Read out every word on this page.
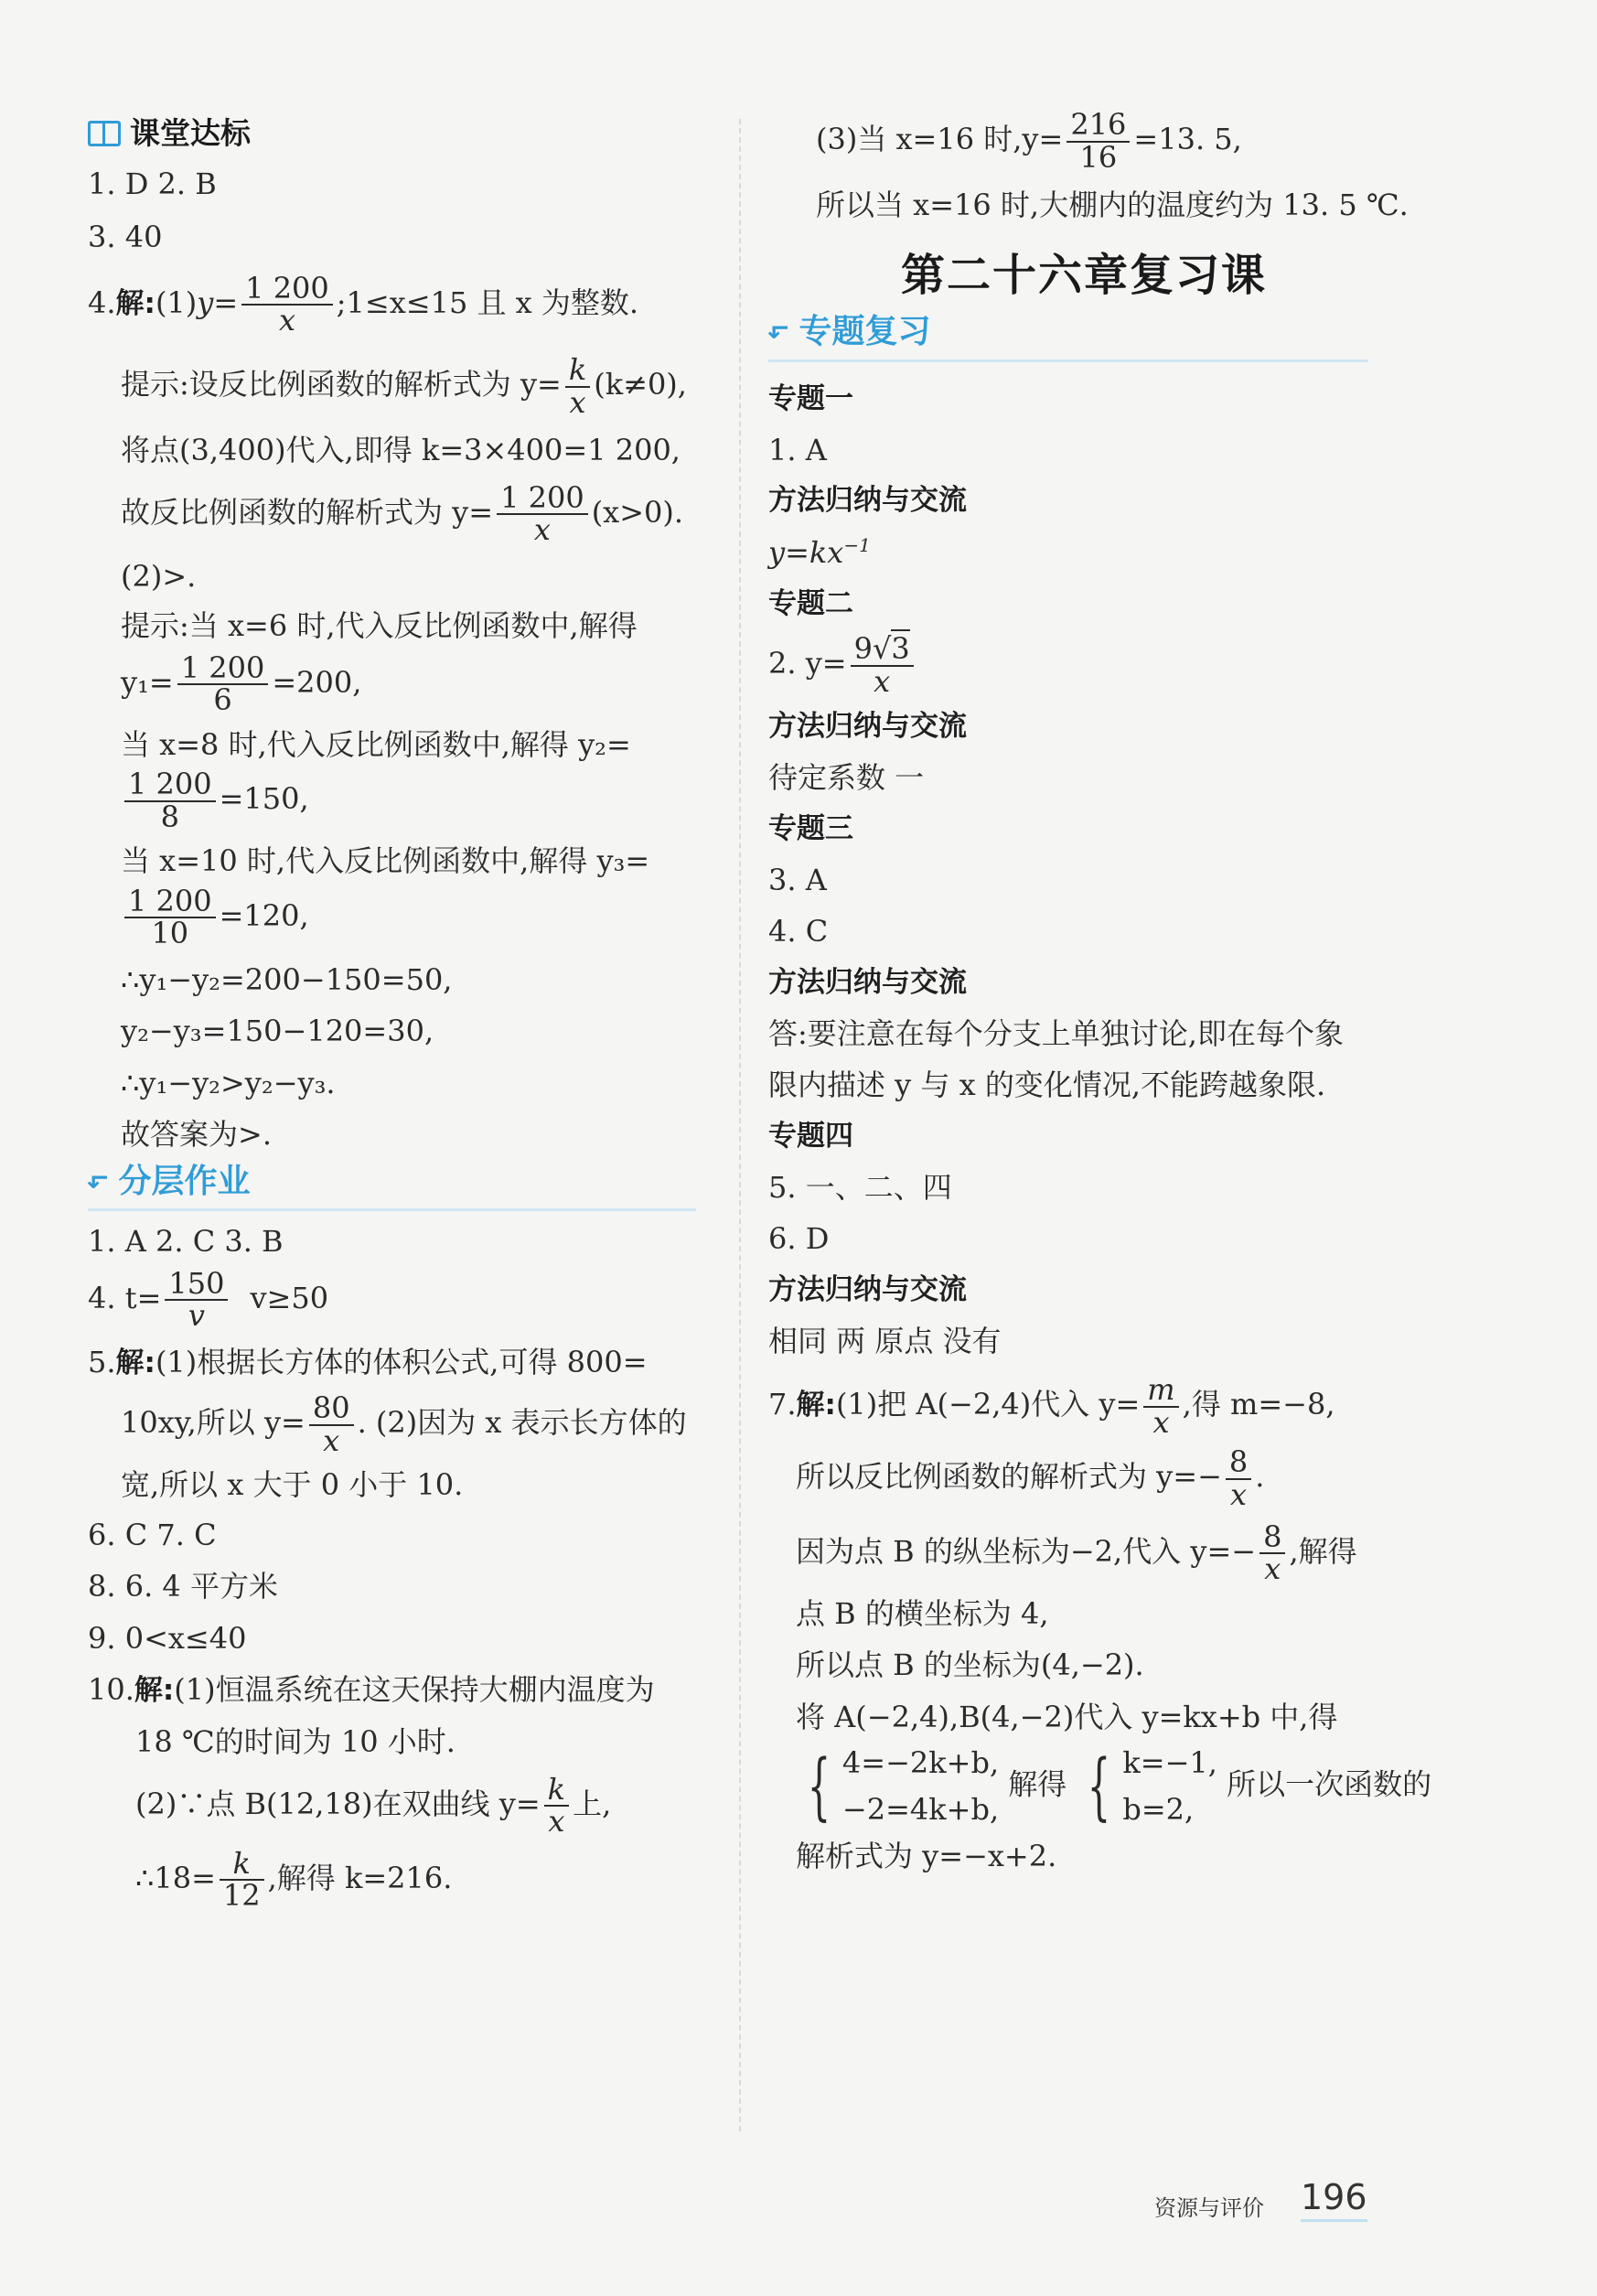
课堂达标
1. D 2. B
3. 40
4.解:(1)y= $\frac{1 200}{x}$ ;1≤x≤15 且 x 为整数.
提示:设反比例函数的解析式为 $y= \frac{k}{x} (k\ne 0)$,
将点(3,400)代入,即得 k=3×400=1 200,
故反比例函数的解析式为 $y= \frac{1 200}{x} (x>0)$.
(2)>.
提示:当 x=6 时,代入反比例函数中,解得
$y_1= \frac{1 200}{6} =200$,
当 x=8 时,代入反比例函数中,解得 y₂=
$\frac{1 200}{8} =150$,
当 x=10 时,代入反比例函数中,解得 y₃=
$\frac{1 200}{10} =120$,
∴y₁−y₂=200−150=50,
y₂−y₃=150−120=30,
∴y₁−y₂>y₂−y₃.
故答案为>.
↰ 分层作业
1. A 2. C 3. B
4. $t= \frac{150}{v} v\ge 50$
5.解:(1)根据长方体的体积公式,可得 800=
10xy,所以 $y= \frac{80}{x}$ . (2)因为 x 表示长方体的
宽,所以 x 大于 0 小于 10.
6. C 7. C
8. 6. 4 平方米
9. 0<x≤40
10.解:(1)恒温系统在这天保持大棚内温度为
18 ℃的时间为 10 小时.
(2)∵点 B(12,18)在双曲线 $y= \frac{k}{x}$ 上,
∴18= $\frac{k}{12}$ ,解得 k=216.
(3)当 x=16 时$,y= \frac{216}{16} =13$. 5,
所以当 x=16 时,大棚内的温度约为 13. 5 ℃.
第二十六章复习课
↰ 专题复习
专题一
1. A
方法归纳与交流
$y=kx^{-1}$
专题二
2. $y= \frac{9√3}{x}$
方法归纳与交流
待定系数 一
专题三
3. A
4. C
方法归纳与交流
答:要注意在每个分支上单独讨论,即在每个象
限内描述 y 与 x 的变化情况,不能跨越象限.
专题四
5. 一、二、四
6. D
方法归纳与交流
相同 两 原点 没有
7.解:(1)把 A(−2,4)代入 $y= \frac{m}{x}$ ,得 m=−8,
所以反比例函数的解析式为 $y=- \frac{8}{x}$ .
因为点 B 的纵坐标为−2,代入 $y=- \frac{8}{x}$ ,解得
点 B 的横坐标为 4,
所以点 B 的坐标为(4,−2).
将 A(−2,4),B(4,−2)代入 y=kx+b 中,得
{ 4=−2k+b,
−2=4k+b,
解得 { k=−1,
b=2,
所以一次函数的
解析式为 y=−x+2.
资源与评价 196
